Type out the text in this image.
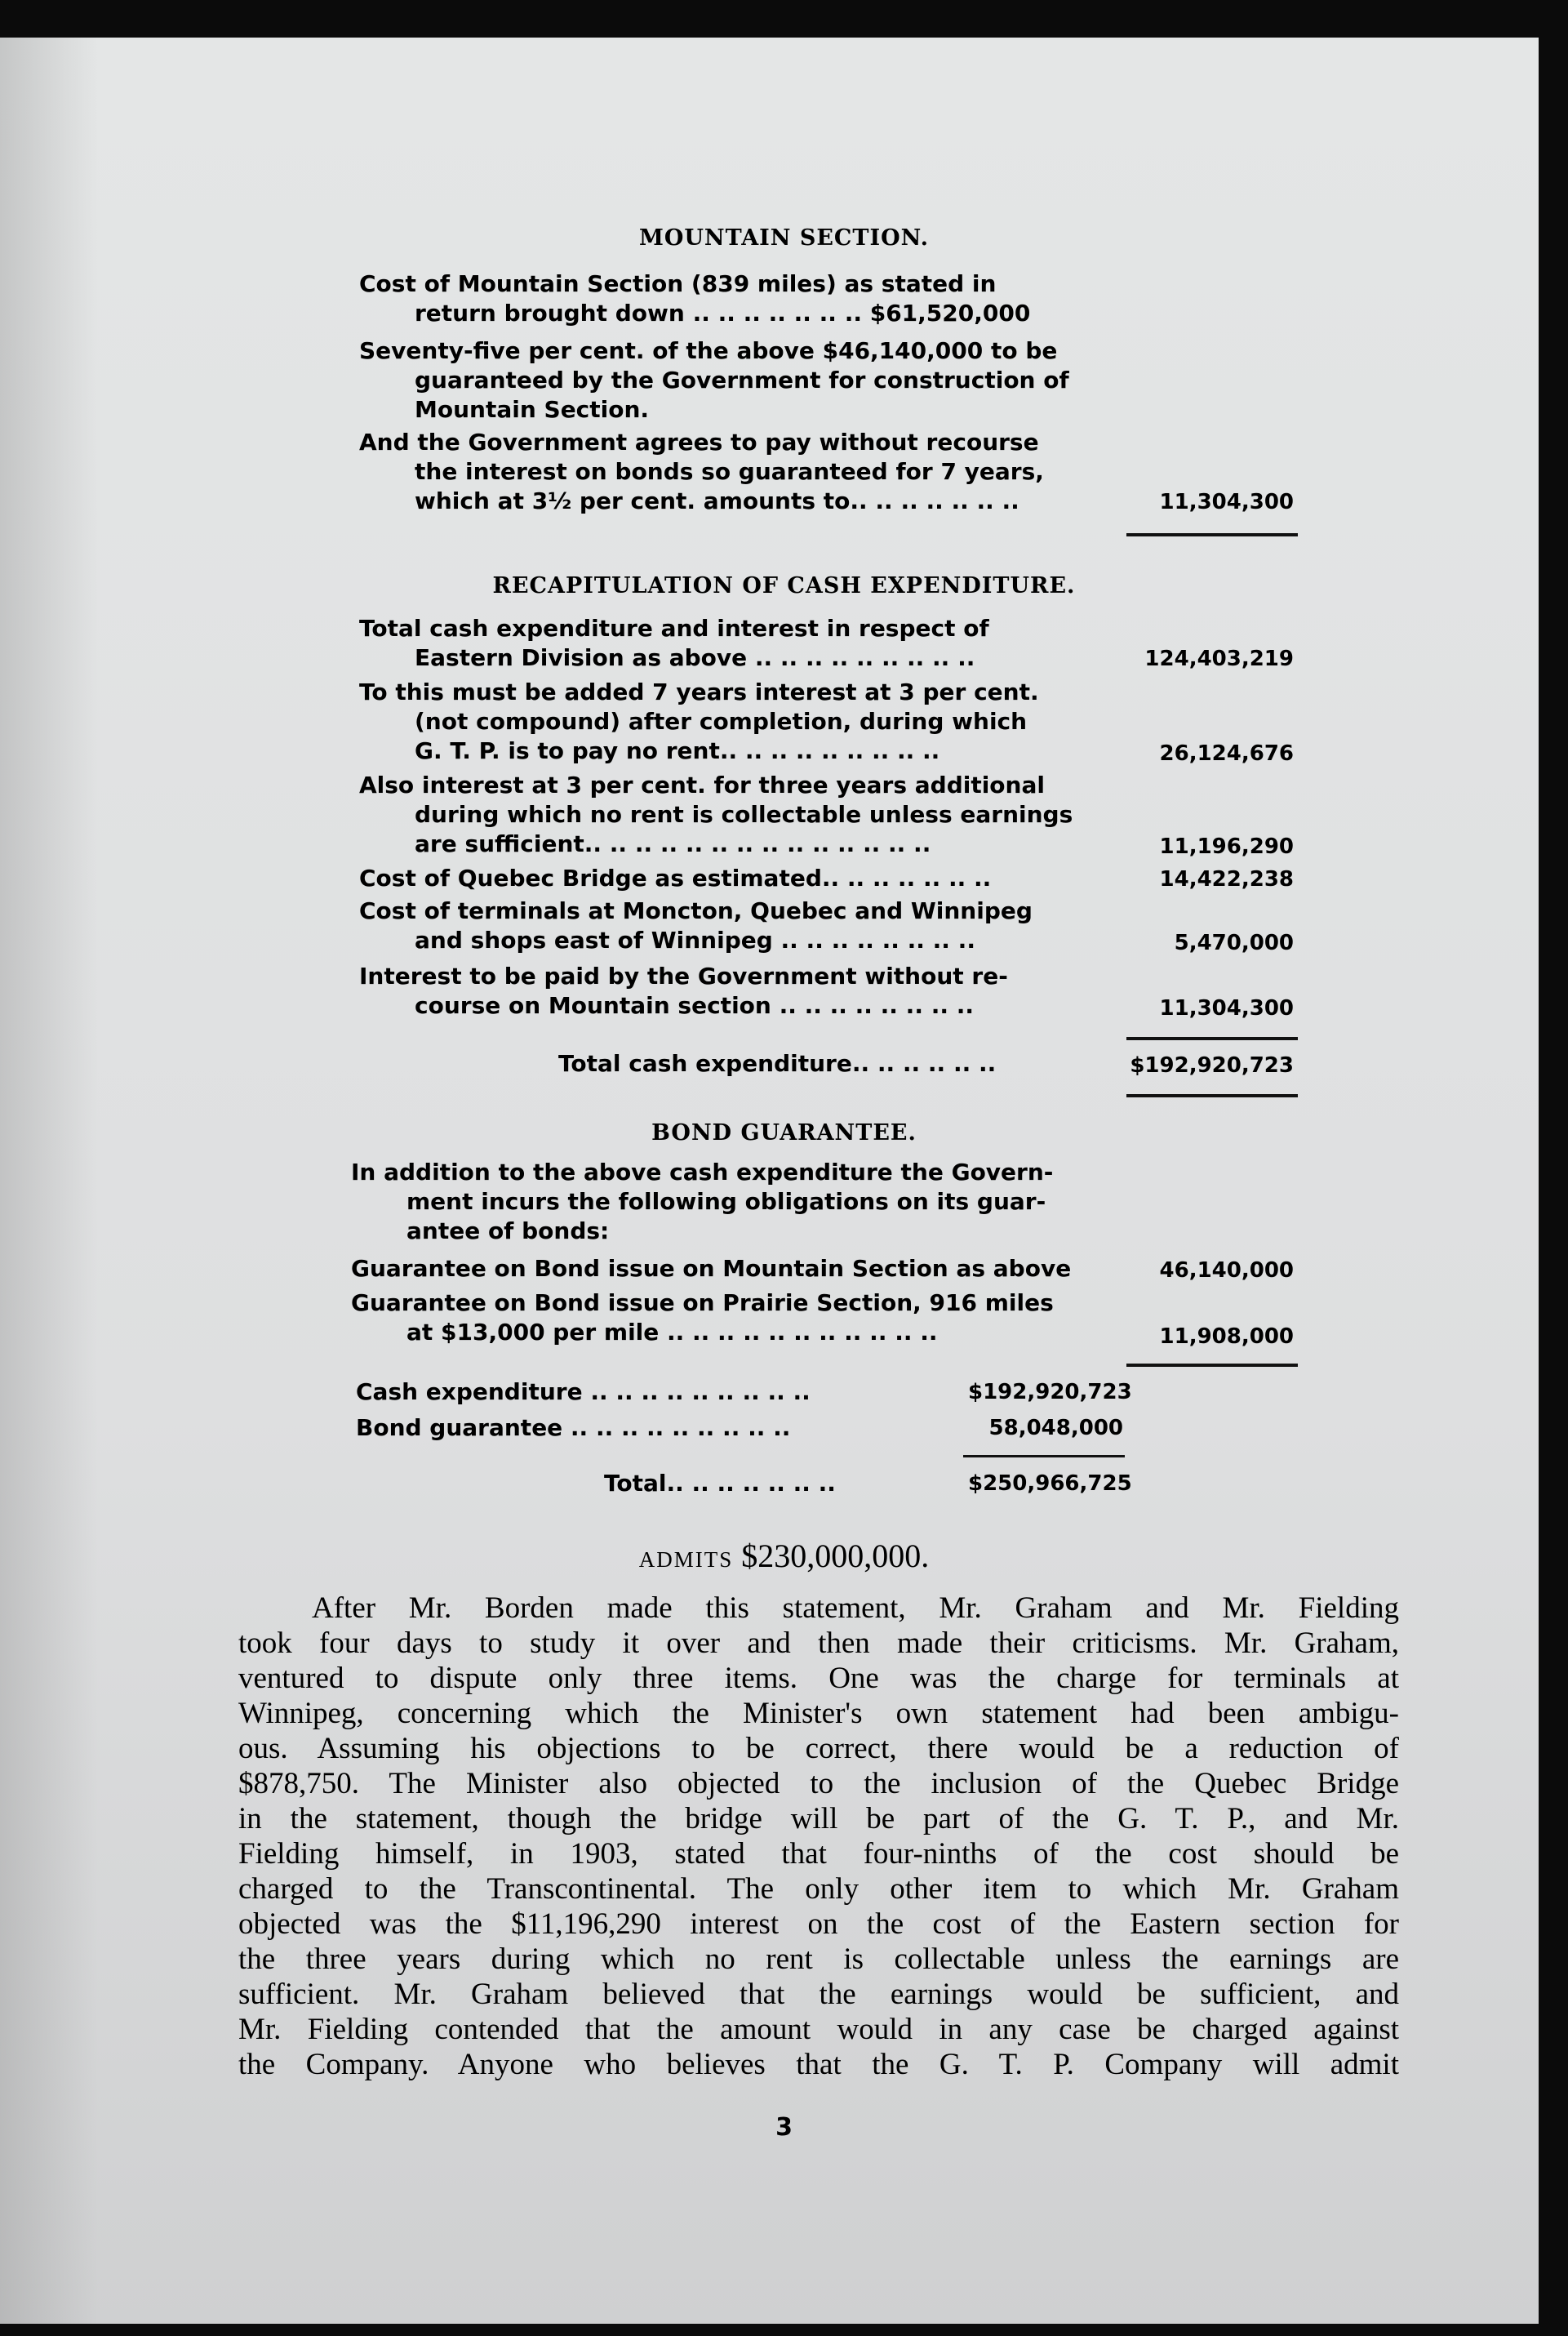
MOUNTAIN SECTION.
Cost of Mountain Section (839 miles) as stated in
return brought down .. .. .. .. .. .. .. $61,520,000
Seventy-five per cent. of the above $46,140,000 to be
guaranteed by the Government for construction of
Mountain Section.
And the Government agrees to pay without recourse
the interest on bonds so guaranteed for 7 years,
which at 3½ per cent. amounts to.. .. .. .. .. .. ..	11,304,300
RECAPITULATION OF CASH EXPENDITURE.
Total cash expenditure and interest in respect of
Eastern Division as above .. .. .. .. .. .. .. .. ..	124,403,219
To this must be added 7 years interest at 3 per cent.
(not compound) after completion, during which
G. T. P. is to pay no rent.. .. .. .. .. .. .. .. ..	26,124,676
Also interest at 3 per cent. for three years additional
during which no rent is collectable unless earnings
are sufficient.. .. .. .. .. .. .. .. .. .. .. .. .. ..	11,196,290
Cost of Quebec Bridge as estimated.. .. .. .. .. .. ..	14,422,238
Cost of terminals at Moncton, Quebec and Winnipeg
and shops east of Winnipeg .. .. .. .. .. .. .. ..	5,470,000
Interest to be paid by the Government without re-
course on Mountain section .. .. .. .. .. .. .. ..	11,304,300
Total cash expenditure.. .. .. .. .. ..	$192,920,723
BOND GUARANTEE.
In addition to the above cash expenditure the Govern-
ment incurs the following obligations on its guar-
antee of bonds:
Guarantee on Bond issue on Mountain Section as above	46,140,000
Guarantee on Bond issue on Prairie Section, 916 miles
at $13,000 per mile .. .. .. .. .. .. .. .. .. .. ..	11,908,000
Cash expenditure .. .. .. .. .. .. .. .. ..	$192,920,723
Bond guarantee .. .. .. .. .. .. .. .. ..	58,048,000
Total.. .. .. .. .. .. ..	$250,966,725
ADMITS $230,000,000.
After Mr. Borden made this statement, Mr. Graham and Mr. Fielding
took four days to study it over and then made their criticisms. Mr. Graham,
ventured to dispute only three items. One was the charge for terminals at
Winnipeg, concerning which the Minister's own statement had been ambigu-
ous. Assuming his objections to be correct, there would be a reduction of
$878,750. The Minister also objected to the inclusion of the Quebec Bridge
in the statement, though the bridge will be part of the G. T. P., and Mr.
Fielding himself, in 1903, stated that four-ninths of the cost should be
charged to the Transcontinental. The only other item to which Mr. Graham
objected was the $11,196,290 interest on the cost of the Eastern section for
the three years during which no rent is collectable unless the earnings are
sufficient. Mr. Graham believed that the earnings would be sufficient, and
Mr. Fielding contended that the amount would in any case be charged against
the Company. Anyone who believes that the G. T. P. Company will admit
3
